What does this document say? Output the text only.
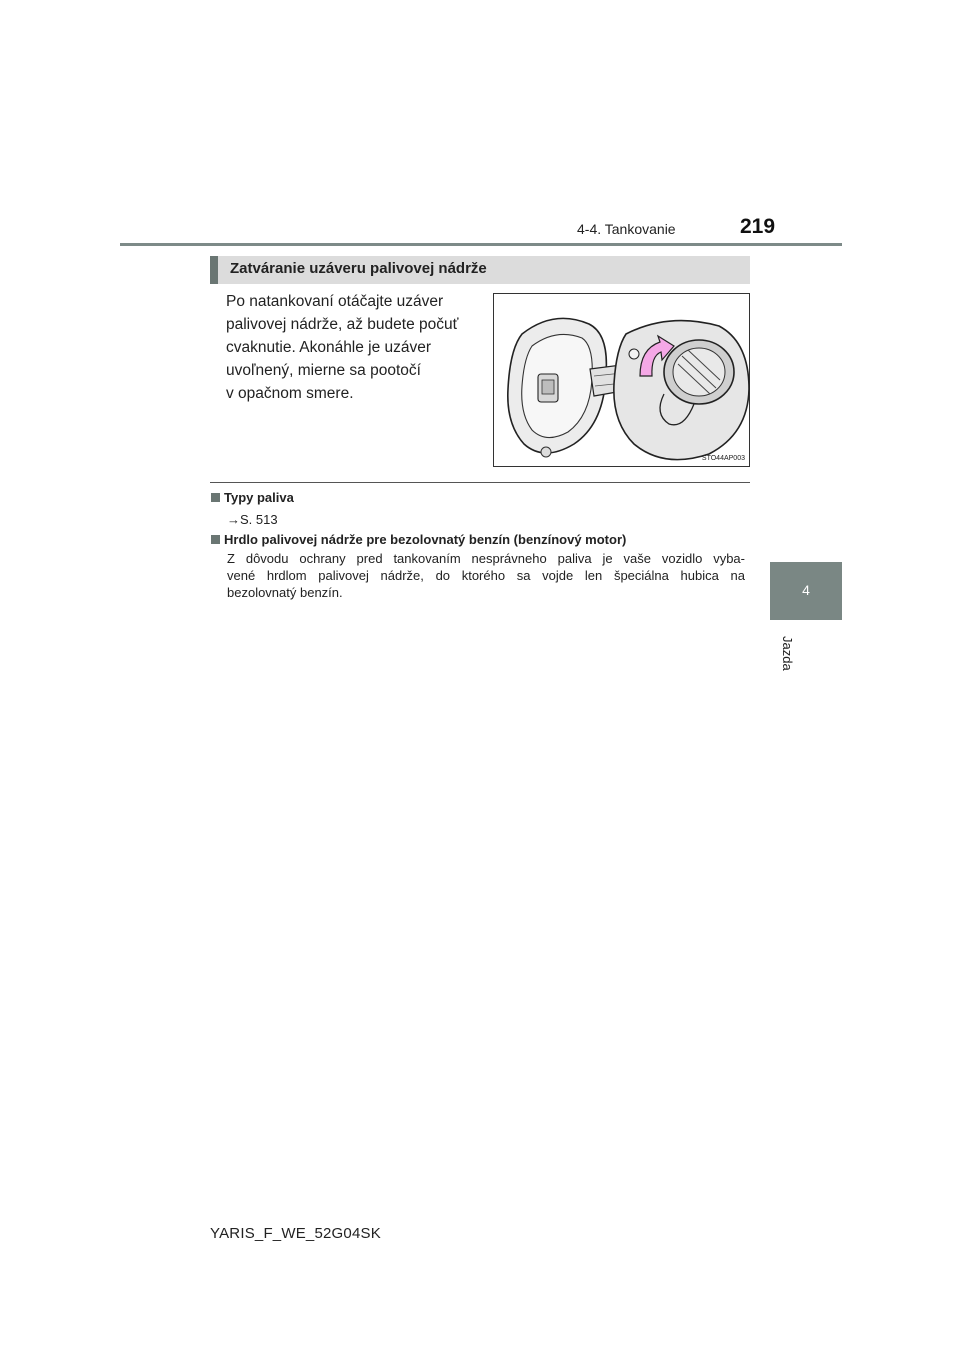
4-4. Tankovanie	219
4
Jazda
Zatváranie uzáveru palivovej nádrže
Po natankovaní otáčajte uzáver
palivovej nádrže, až budete počuť
cvaknutie. Akonáhle je uzáver
uvoľnený, mierne sa pootočí
v opačnom smere.
STO44AP003
Typy paliva
→S. 513
Hrdlo palivovej nádrže pre bezolovnatý benzín (benzínový motor)
Z dôvodu ochrany pred tankovaním nesprávneho paliva je vaše vozidlo vyba-
vené hrdlom palivovej nádrže, do ktorého sa vojde len špeciálna hubica na
bezolovnatý benzín.
YARIS_F_WE_52G04SK
